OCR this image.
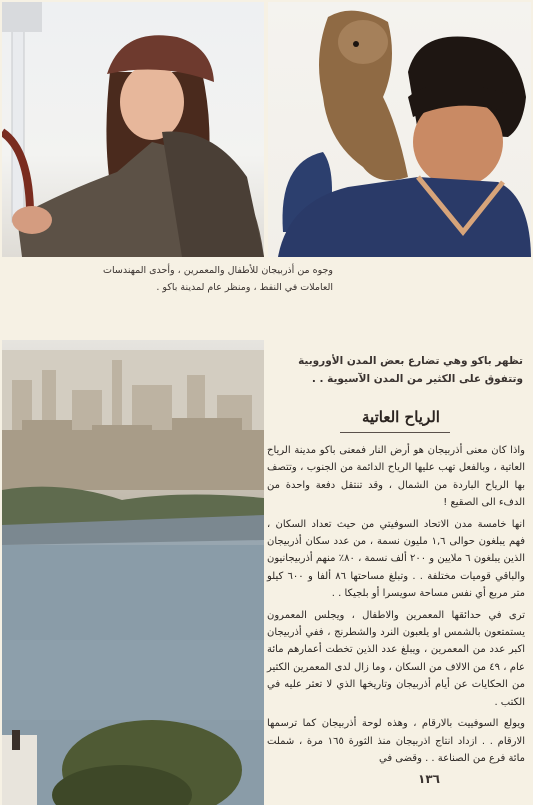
وجوه من أذربيجان للأطفال والمعمرين ، وأحدى المهندسات العاملات في النفط ، ومنظر عام لمدينة باكو .
تظهر باكو وهي تضارع بعض المدن الأوروبية وتتفوق على الكثير من المدن الآسيوية . .
الرياح العاتية

واذا كان معنى أذربيجان هو أرض النار فمعنى باكو مدينة الرياح العاتية ، وبالفعل تهب عليها الرياح الدائمة من الجنوب ، وتتصف بها الرياح الباردة من الشمال ، وقد تنتقل دفعة واحدة من الدفء الى الصقيع !

انها خامسة مدن الاتحاد السوفيتي من حيث تعداد السكان ، فهم يبلغون حوالى ١,٦ مليون نسمة ، من عدد سكان أذربيجان الذين يبلغون ٦ ملايين و ٢٠٠ ألف نسمة ، ٨٠٪ منهم أذربيجانيون والباقي قوميات مختلفة . . وتبلغ مساحتها ٨٦ ألفا و ٦٠٠ كيلو متر مربع أي نفس مساحة سويسرا أو بلجيكا . .

ترى في حدائقها المعمرين والاطفال ، ويجلس المعمرون يستمتعون بالشمس او يلعبون النرد والشطرنج ، ففي أذربيجان اكبر عدد من المعمرين ، ويبلغ عدد الذين تخطت أعمارهم مائة عام ، ٤٩ من الالاف من السكان ، وما زال لدى المعمرين الكثير من الحكايات عن أيام أذربيجان وتاريخها الذي لا تعثر عليه في الكتب .

ويولع السوفييت بالارقام ، وهذه لوحة أذربيجان كما ترسمها الارقام . . ازداد انتاج اذربيجان منذ الثورة ١٦٥ مرة ، شملت مائة فرع من الصناعة . . وقضى في

١٣٦
